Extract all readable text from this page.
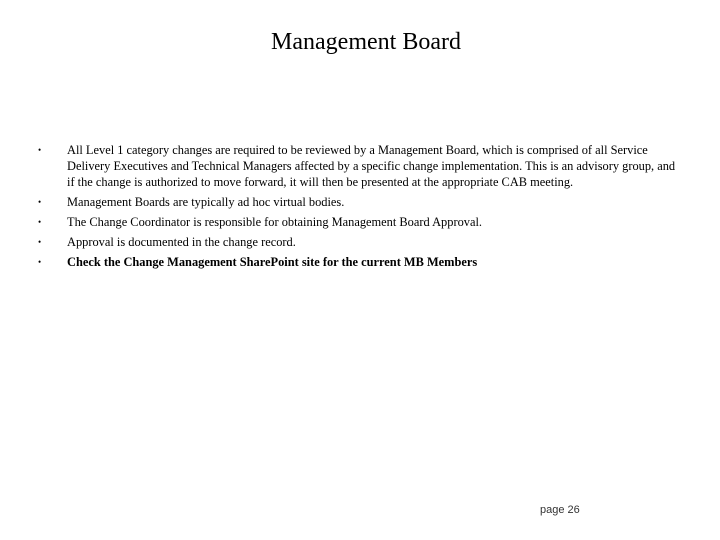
Management Board
• All Level 1 category changes are required to be reviewed by a Management Board, which is comprised of all Service Delivery Executives and Technical Managers affected by a specific change implementation. This is an advisory group, and if the change is authorized to move forward, it will then be presented at the appropriate CAB meeting.
• Management Boards are typically ad hoc virtual bodies.
• The Change Coordinator is responsible for obtaining Management Board Approval.
• Approval is documented in the change record.
• Check the Change Management SharePoint site for the current MB Members
page 26
